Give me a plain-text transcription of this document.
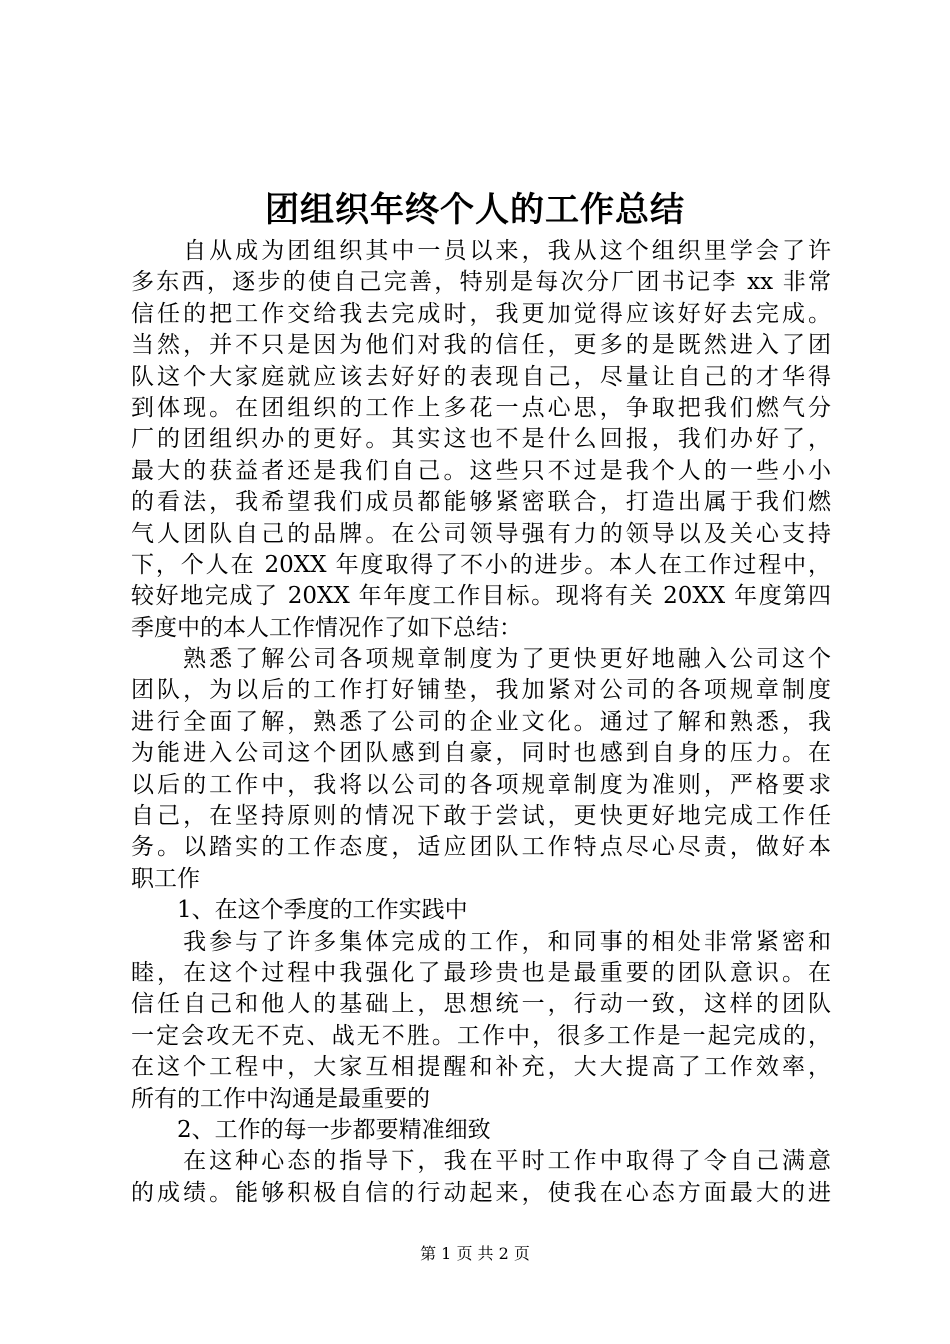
团组织年终个人的工作总结
　　自从成为团组织其中一员以来，我从这个组织里学会了许
多东西，逐步的使自己完善，特别是每次分厂团书记李 xx 非常
信任的把工作交给我去完成时，我更加觉得应该好好去完成。
当然，并不只是因为他们对我的信任，更多的是既然进入了团
队这个大家庭就应该去好好的表现自己，尽量让自己的才华得
到体现。在团组织的工作上多花一点心思，争取把我们燃气分
厂的团组织办的更好。其实这也不是什么回报，我们办好了，
最大的获益者还是我们自己。这些只不过是我个人的一些小小
的看法，我希望我们成员都能够紧密联合，打造出属于我们燃
气人团队自己的品牌。在公司领导强有力的领导以及关心支持
下，个人在 20XX 年度取得了不小的进步。本人在工作过程中，
较好地完成了 20XX 年年度工作目标。现将有关 20XX 年度第四
季度中的本人工作情况作了如下总结：
　　熟悉了解公司各项规章制度为了更快更好地融入公司这个
团队，为以后的工作打好铺垫，我加紧对公司的各项规章制度
进行全面了解，熟悉了公司的企业文化。通过了解和熟悉，我
为能进入公司这个团队感到自豪，同时也感到自身的压力。在
以后的工作中，我将以公司的各项规章制度为准则，严格要求
自己，在坚持原则的情况下敢于尝试，更快更好地完成工作任
务。以踏实的工作态度，适应团队工作特点尽心尽责，做好本
职工作
　　1、在这个季度的工作实践中
　　我参与了许多集体完成的工作，和同事的相处非常紧密和
睦，在这个过程中我强化了最珍贵也是最重要的团队意识。在
信任自己和他人的基础上，思想统一，行动一致，这样的团队
一定会攻无不克、战无不胜。工作中，很多工作是一起完成的，
在这个工程中，大家互相提醒和补充，大大提高了工作效率，
所有的工作中沟通是最重要的
　　2、工作的每一步都要精准细致
　　在这种心态的指导下，我在平时工作中取得了令自己满意
的成绩。能够积极自信的行动起来，使我在心态方面最大的进
第 1 页 共 2 页
